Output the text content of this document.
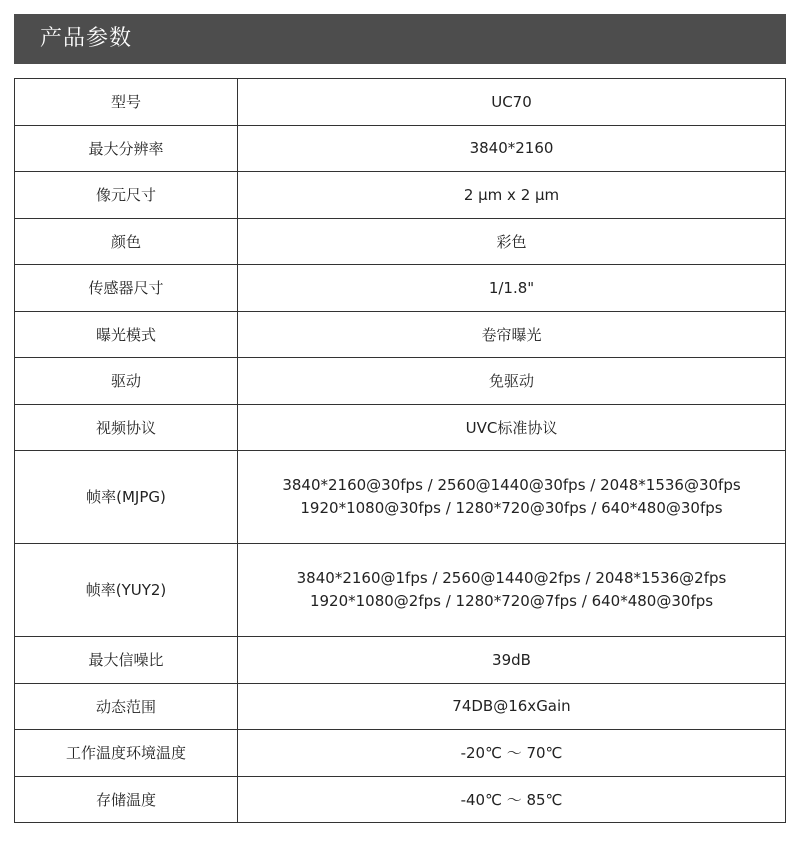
产品参数
型号	UC70
最大分辨率	3840*2160
像元尺寸	2 μm x 2 μm
颜色	彩色
传感器尺寸	1/1.8"
曝光模式	卷帘曝光
驱动	免驱动
视频协议	UVC标准协议
帧率(MJPG)	3840*2160@30fps / 2560@1440@30fps / 2048*1536@30fps
1920*1080@30fps / 1280*720@30fps / 640*480@30fps

帧率(YUY2)	3840*2160@1fps / 2560@1440@2fps / 2048*1536@2fps
1920*1080@2fps / 1280*720@7fps / 640*480@30fps

最大信噪比	39dB
动态范围	74DB@16xGain
工作温度环境温度	-20℃ ～ 70℃
存储温度	-40℃ ～ 85℃
